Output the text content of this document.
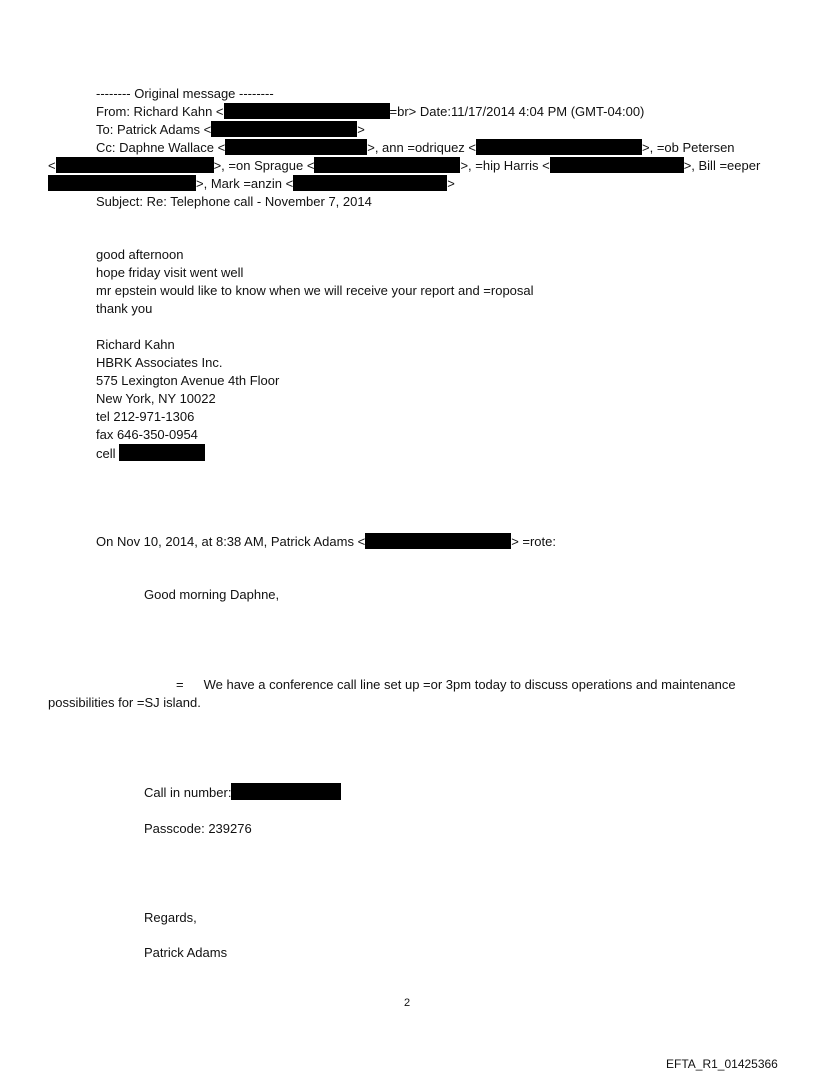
-------- Original message --------
From: Richard Kahn <	=br> Date:11/17/2014 4:04 PM (GMT-04:00)
To: Patrick Adams <	>
Cc: Daphne Wallace <	>, ann =odriquez <	>, =ob Petersen
<	>, =on Sprague <	>, =hip Harris <	>, Bill =eeper
>, Mark =anzin <	>
Subject: Re: Telephone call - November 7, 2014
good afternoon
hope friday visit went well
mr epstein would like to know when we will receive your report and =roposal
thank you
Richard Kahn
HBRK Associates Inc.
575 Lexington Avenue 4th Floor
New York, NY 10022
tel 212-971-1306
fax 646-350-0954
cell
On Nov 10, 2014, at 8:38 AM, Patrick Adams <	> =rote:
Good morning Daphne,
= We have a conference call line set up =or 3pm today to discuss operations and maintenance
possibilities for =SJ island.
Call in number:
Passcode: 239276
Regards,
Patrick Adams
2
EFTA_R1_01425366
